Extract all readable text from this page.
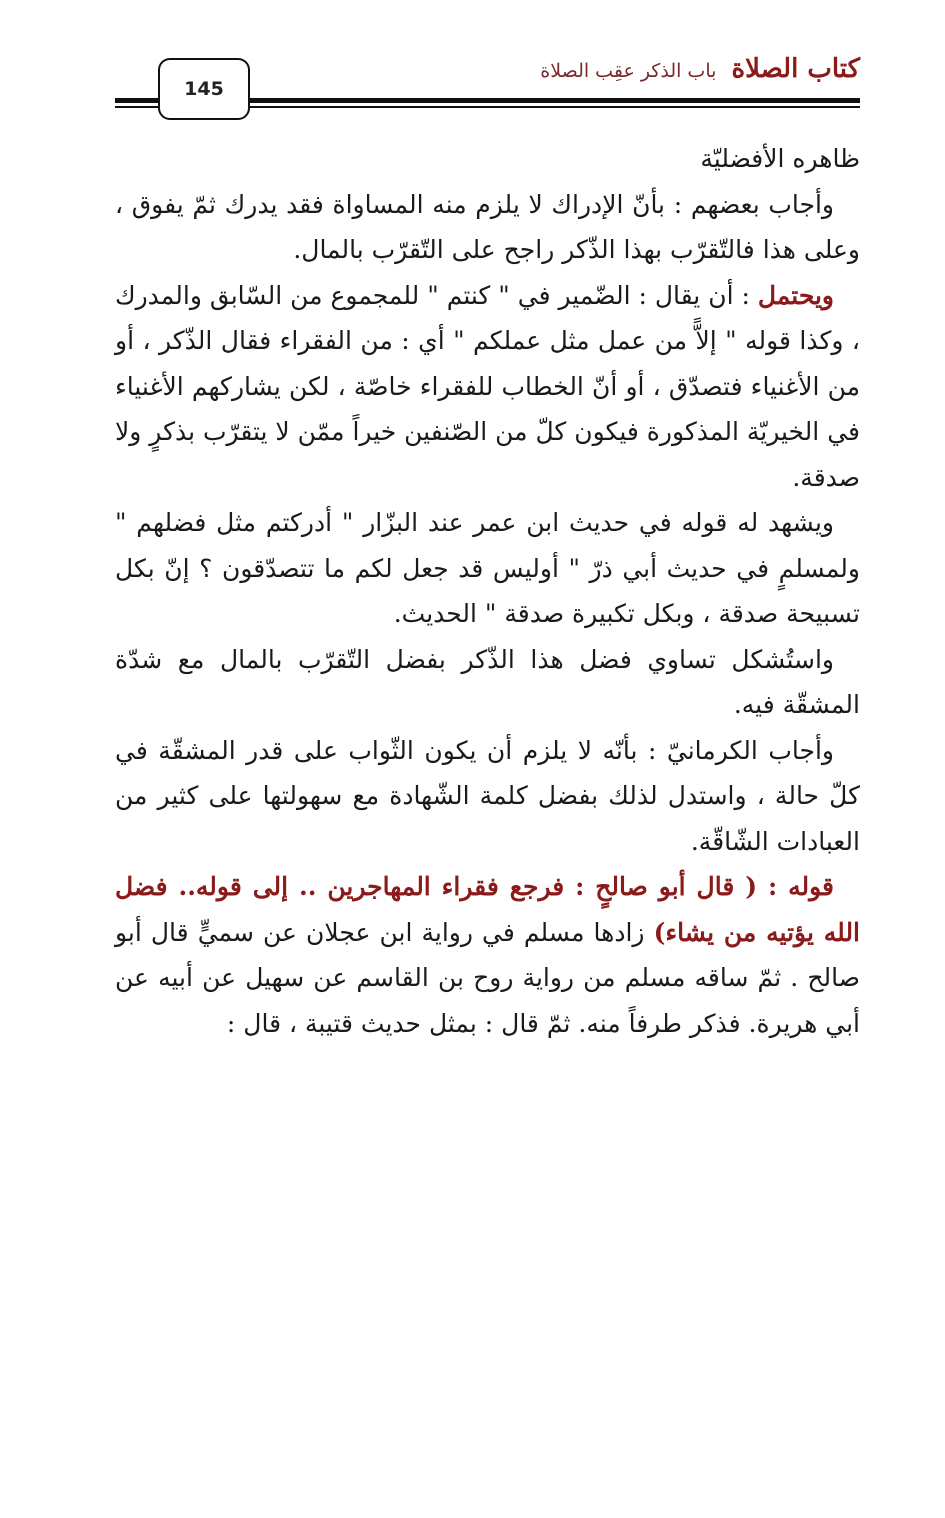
كتاب الصلاة باب الذكر عقِب الصلاة
145

ظاهره الأفضليّة

وأجاب بعضهم : بأنّ الإدراك لا يلزم منه المساواة فقد يدرك ثمّ يفوق ، وعلى هذا فالتّقرّب بهذا الذّكر راجح على التّقرّب بالمال.

ويحتمل : أن يقال : الضّمير في " كنتم " للمجموع من السّابق والمدرك ، وكذا قوله " إلاًّ من عمل مثل عملكم " أي : من الفقراء فقال الذّكر ، أو من الأغنياء فتصدّق ، أو أنّ الخطاب للفقراء خاصّة ، لكن يشاركهم الأغنياء في الخيريّة المذكورة فيكون كلّ من الصّنفين خيراً ممّن لا يتقرّب بذكرٍ ولا صدقة.

ويشهد له قوله في حديث ابن عمر عند البزّار " أدركتم مثل فضلهم " ولمسلمٍ في حديث أبي ذرّ " أوليس قد جعل لكم ما تتصدّقون ؟ إنّ بكل تسبيحة صدقة ، وبكل تكبيرة صدقة " الحديث.

واستُشكل تساوي فضل هذا الذّكر بفضل التّقرّب بالمال مع شدّة المشقّة فيه.

وأجاب الكرمانيّ : بأنّه لا يلزم أن يكون الثّواب على قدر المشقّة في كلّ حالة ، واستدل لذلك بفضل كلمة الشّهادة مع سهولتها على كثير من العبادات الشّاقّة.

قوله : ( قال أبو صالحٍ : فرجع فقراء المهاجرين .. إلى قوله.. فضل الله يؤتيه من يشاء) زادها مسلم في رواية ابن عجلان عن سميٍّ قال أبو صالح . ثمّ ساقه مسلم من رواية روح بن القاسم عن سهيل عن أبيه عن أبي هريرة. فذكر طرفاً منه. ثمّ قال : بمثل حديث قتيبة ، قال :
